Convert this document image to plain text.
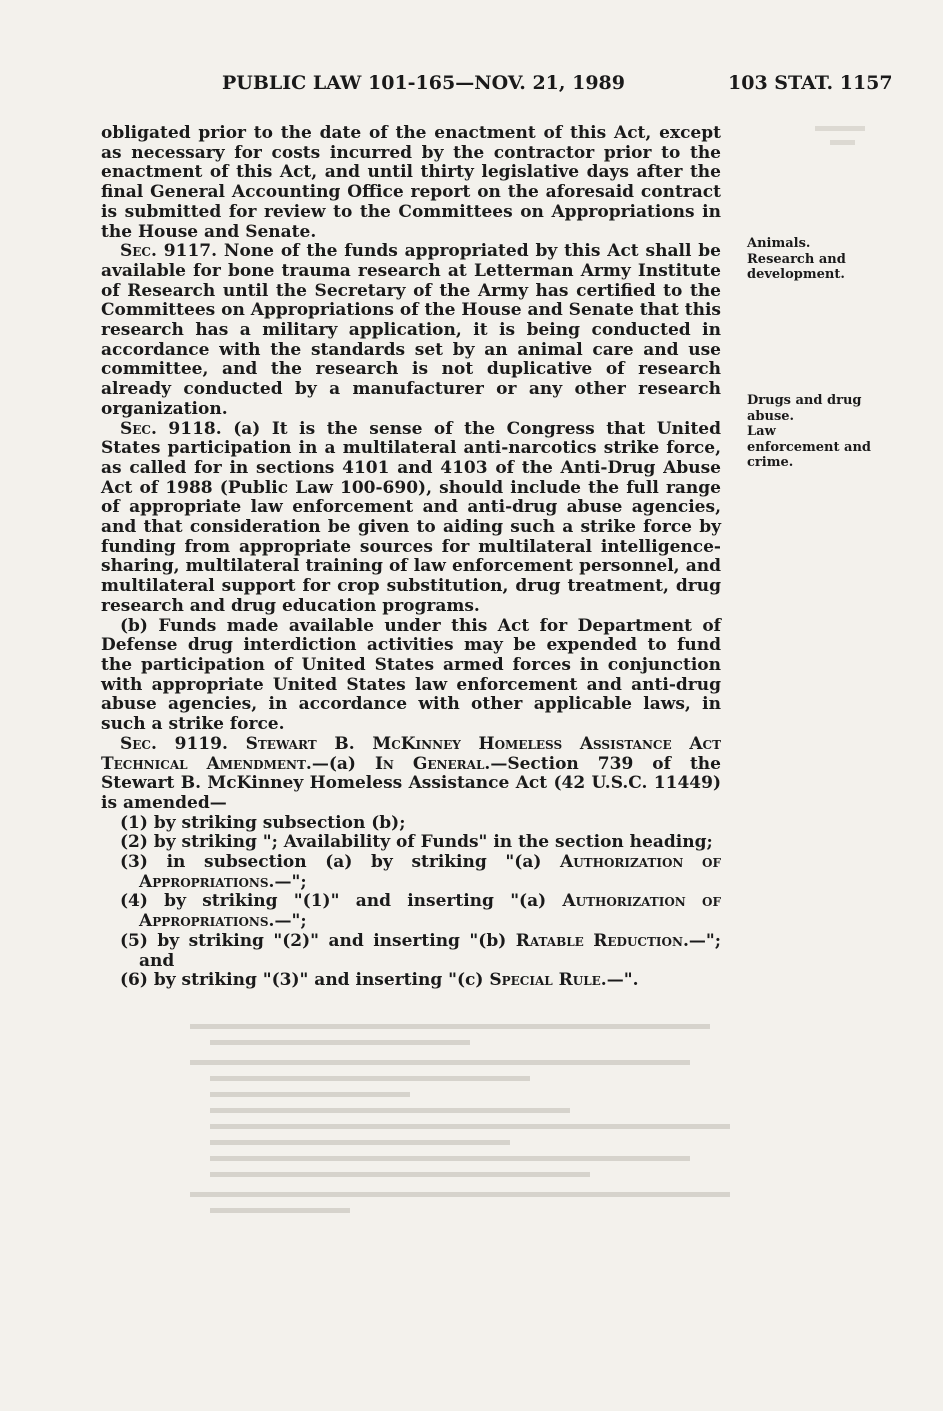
PUBLIC LAW 101-165—NOV. 21, 1989	103 STAT. 1157

obligated prior to the date of the enactment of this Act, except as necessary for costs incurred by the contractor prior to the enactment of this Act, and until thirty legislative days after the final General Accounting Office report on the aforesaid contract is submitted for review to the Committees on Appropriations in the House and Senate.

Sec. 9117. None of the funds appropriated by this Act shall be available for bone trauma research at Letterman Army Institute of Research until the Secretary of the Army has certified to the Committees on Appropriations of the House and Senate that this research has a military application, it is being conducted in accordance with the standards set by an animal care and use committee, and the research is not duplicative of research already conducted by a manufacturer or any other research organization.

Sec. 9118. (a) It is the sense of the Congress that United States participation in a multilateral anti-narcotics strike force, as called for in sections 4101 and 4103 of the Anti-Drug Abuse Act of 1988 (Public Law 100-690), should include the full range of appropriate law enforcement and anti-drug abuse agencies, and that consideration be given to aiding such a strike force by funding from appropriate sources for multilateral intelligence-sharing, multilateral training of law enforcement personnel, and multilateral support for crop substitution, drug treatment, drug research and drug education programs.

(b) Funds made available under this Act for Department of Defense drug interdiction activities may be expended to fund the participation of United States armed forces in conjunction with appropriate United States law enforcement and anti-drug abuse agencies, in accordance with other applicable laws, in such a strike force.

Sec. 9119. Stewart B. McKinney Homeless Assistance Act Technical Amendment.—(a) In General.—Section 739 of the Stewart B. McKinney Homeless Assistance Act (42 U.S.C. 11449) is amended—

(1) by striking subsection (b);

(2) by striking "; Availability of Funds" in the section heading;

(3) in subsection (a) by striking "(a) Authorization of Appropriations.—";

(4) by striking "(1)" and inserting "(a) Authorization of Appropriations.—";

(5) by striking "(2)" and inserting "(b) Ratable Reduction.—"; and

(6) by striking "(3)" and inserting "(c) Special Rule.—".

Animals.
Research and
development.
Drugs and drug
abuse.
Law
enforcement and
crime.
